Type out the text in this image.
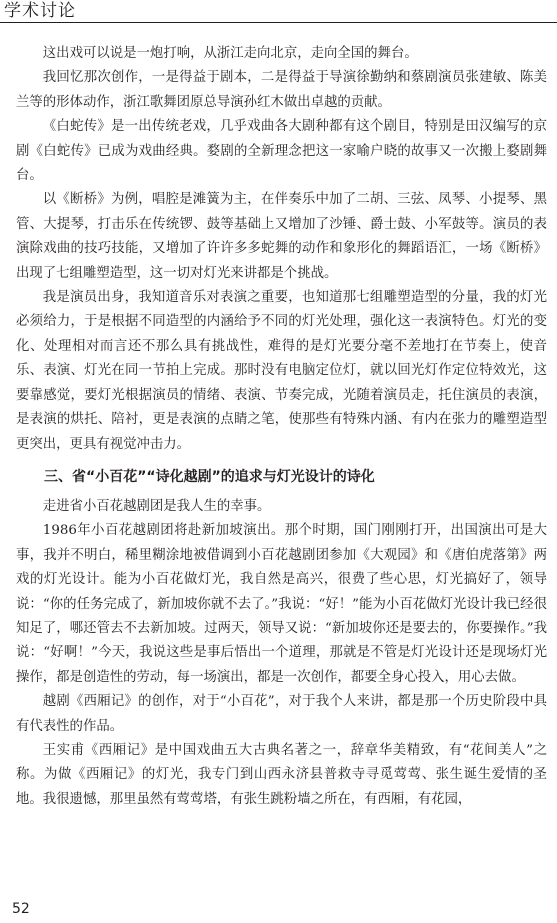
学术讨论

这出戏可以说是一炮打响，从浙江走向北京，走向全国的舞台。

我回忆那次创作，一是得益于剧本，二是得益于导演徐勤纳和蔡剧演员张建敏、陈美兰等的形体动作，浙江歌舞团原总导演孙红木做出卓越的贡献。

《白蛇传》是一出传统老戏，几乎戏曲各大剧种都有这个剧目，特别是田汉编写的京剧《白蛇传》已成为戏曲经典。婺剧的全新理念把这一家喻户晓的故事又一次搬上婺剧舞台。

以《断桥》为例，唱腔是滩簧为主，在伴奏乐中加了二胡、三弦、凤琴、小提琴、黑管、大提琴，打击乐在传统锣、鼓等基础上又增加了沙锤、爵士鼓、小军鼓等。演员的表演除戏曲的技巧技能，又增加了许许多多蛇舞的动作和象形化的舞蹈语汇，一场《断桥》出现了七组雕塑造型，这一切对灯光来讲都是个挑战。

我是演员出身，我知道音乐对表演之重要，也知道那七组雕塑造型的分量，我的灯光必须给力，于是根据不同造型的内涵给予不同的灯光处理，强化这一表演特色。灯光的变化、处理相对而言还不那么具有挑战性，难得的是灯光要分毫不差地打在节奏上，使音乐、表演、灯光在同一节拍上完成。那时没有电脑定位灯，就以回光灯作定位特效光，这要靠感觉，要灯光根据演员的情绪、表演、节奏完成，光随着演员走，托住演员的表演，是表演的烘托、陪衬，更是表演的点睛之笔，使那些有特殊内涵、有内在张力的雕塑造型更突出，更具有视觉冲击力。

三、省“小百花”“诗化越剧”的追求与灯光设计的诗化

走进省小百花越剧团是我人生的幸事。

1986年小百花越剧团将赴新加坡演出。那个时期，国门刚刚打开，出国演出可是大事，我并不明白，稀里糊涂地被借调到小百花越剧团参加《大观园》和《唐伯虎落第》两戏的灯光设计。能为小百花做灯光，我自然是高兴，很费了些心思，灯光搞好了，领导说：“你的任务完成了，新加坡你就不去了。”我说：“好！”能为小百花做灯光设计我已经很知足了，哪还管去不去新加坡。过两天，领导又说：“新加坡你还是要去的，你要操作。”我说：“好啊！”今天，我说这些是事后悟出一个道理，那就是不管是灯光设计还是现场灯光操作，都是创造性的劳动，每一场演出，都是一次创作，都要全身心投入，用心去做。

越剧《西厢记》的创作，对于“小百花”，对于我个人来讲，都是那一个历史阶段中具有代表性的作品。

王实甫《西厢记》是中国戏曲五大古典名著之一，辞章华美精致，有“花间美人”之称。为做《西厢记》的灯光，我专门到山西永济县普救寺寻觅莺莺、张生诞生爱情的圣地。我很遗憾，那里虽然有莺莺塔，有张生跳粉墙之所在，有西厢，有花园，

52
